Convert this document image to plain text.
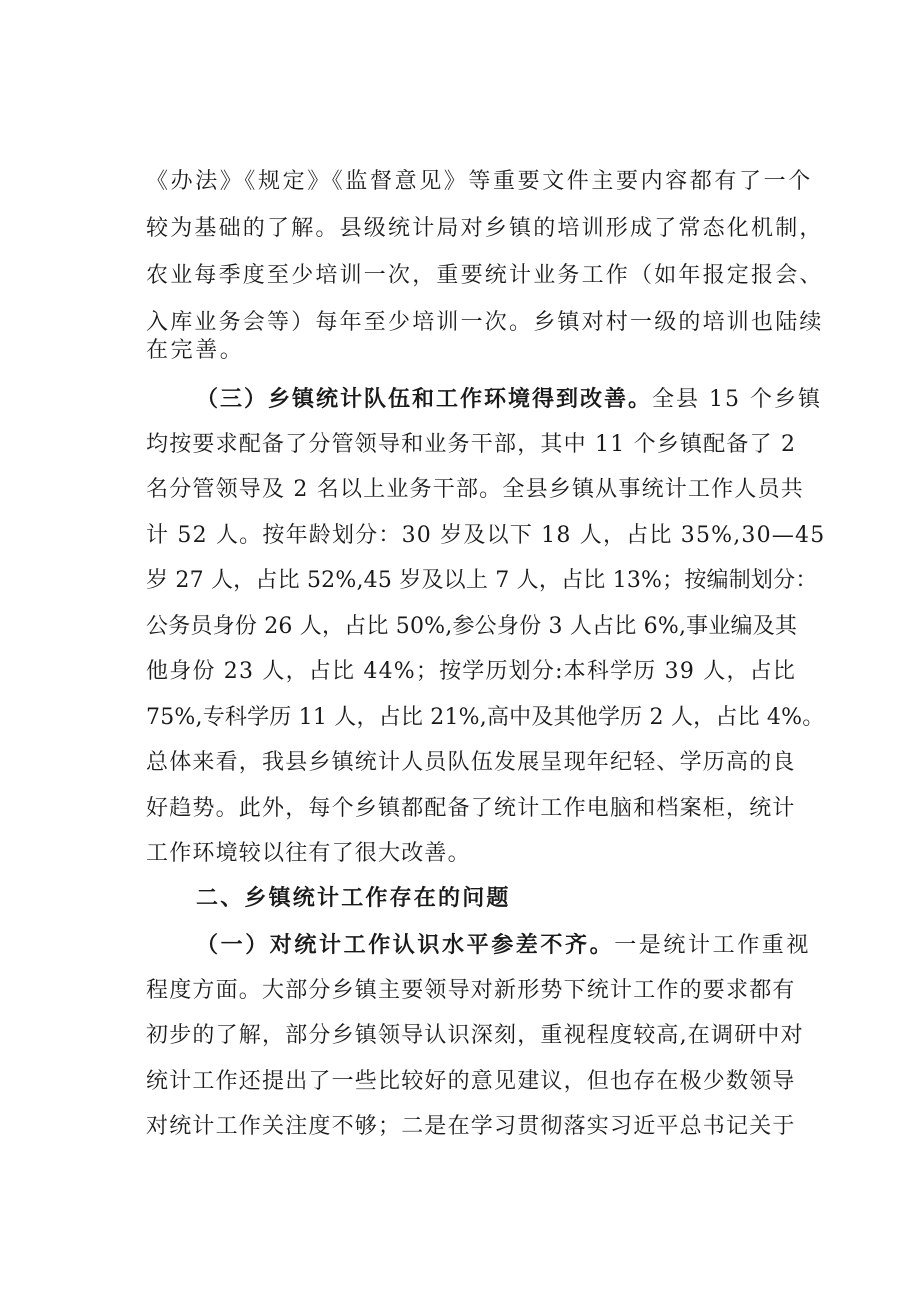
《办法》《规定》《监督意见》等重要文件主要内容都有了一个
较为基础的了解。县级统计局对乡镇的培训形成了常态化机制，
农业每季度至少培训一次，重要统计业务工作（如年报定报会、
入库业务会等）每年至少培训一次。乡镇对村一级的培训也陆续
在完善。
（三）乡镇统计队伍和工作环境得到改善。全县 15 个乡镇
均按要求配备了分管领导和业务干部，其中 11 个乡镇配备了 2
名分管领导及 2 名以上业务干部。全县乡镇从事统计工作人员共
计 52 人。按年龄划分：30 岁及以下 18 人，占比 35%,30—45
岁 27 人，占比 52%,45 岁及以上 7 人，占比 13%；按编制划分：
公务员身份 26 人，占比 50%,参公身份 3 人占比 6%,事业编及其
他身份 23 人，占比 44%；按学历划分:本科学历 39 人，占比
75%,专科学历 11 人，占比 21%,高中及其他学历 2 人，占比 4%。
总体来看，我县乡镇统计人员队伍发展呈现年纪轻、学历高的良
好趋势。此外，每个乡镇都配备了统计工作电脑和档案柜，统计
工作环境较以往有了很大改善。
二、乡镇统计工作存在的问题
（一）对统计工作认识水平参差不齐。一是统计工作重视
程度方面。大部分乡镇主要领导对新形势下统计工作的要求都有
初步的了解，部分乡镇领导认识深刻，重视程度较高,在调研中对
统计工作还提出了一些比较好的意见建议，但也存在极少数领导
对统计工作关注度不够；二是在学习贯彻落实习近平总书记关于
